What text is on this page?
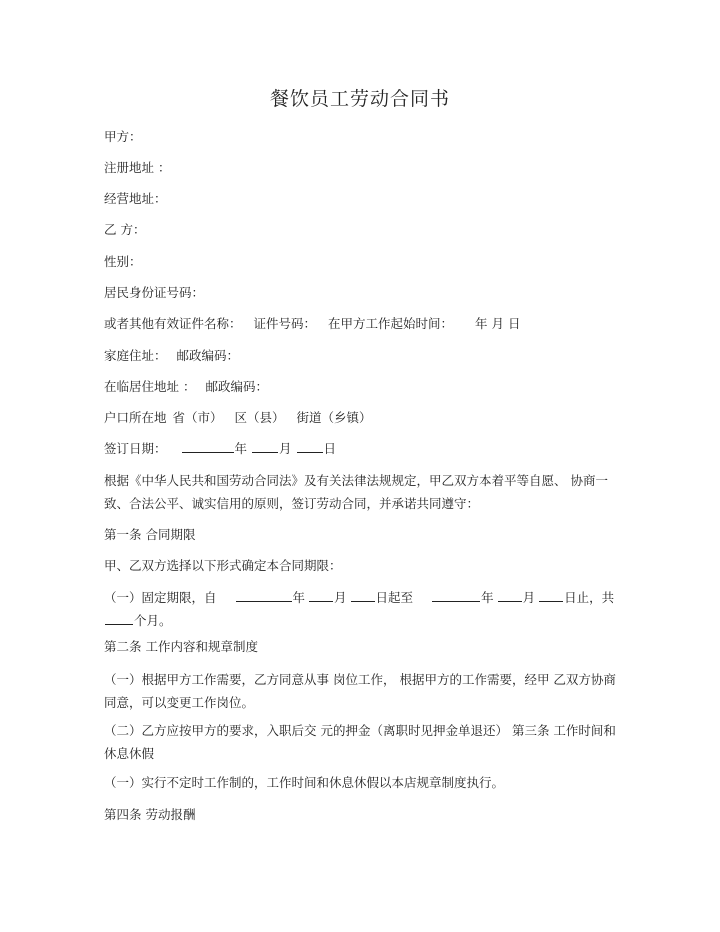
餐饮员工劳动合同书
甲方：
注册地址 ：
经营地址：
乙 方：
性别：
居民身份证号码：
或者其他有效证件名称： 证件号码： 在甲方工作起始时间： 年 月 日
家庭住址： 邮政编码：
在临居住地址 ： 邮政编码：
户口所在地 省（市） 区（县） 街道（乡镇）
签订日期：	年	月	日
根据《中华人民共和国劳动合同法》及有关法律法规规定，甲乙双方本着平等自愿、 协商一致、合法公平、诚实信用的原则，签订劳动合同，并承诺共同遵守：
第一条 合同期限
甲、乙双方选择以下形式确定本合同期限：
（一）固定期限，自	年 月 日起至	年 月 日止，共
个月。
第二条 工作内容和规章制度
（一）根据甲方工作需要，乙方同意从事 岗位工作， 根据甲方的工作需要，经甲 乙双方协商同意，可以变更工作岗位。
（二）乙方应按甲方的要求，入职后交 元的押金（离职时见押金单退还） 第三条 工作时间和休息休假
（一）实行不定时工作制的，工作时间和休息休假以本店规章制度执行。
第四条 劳动报酬
